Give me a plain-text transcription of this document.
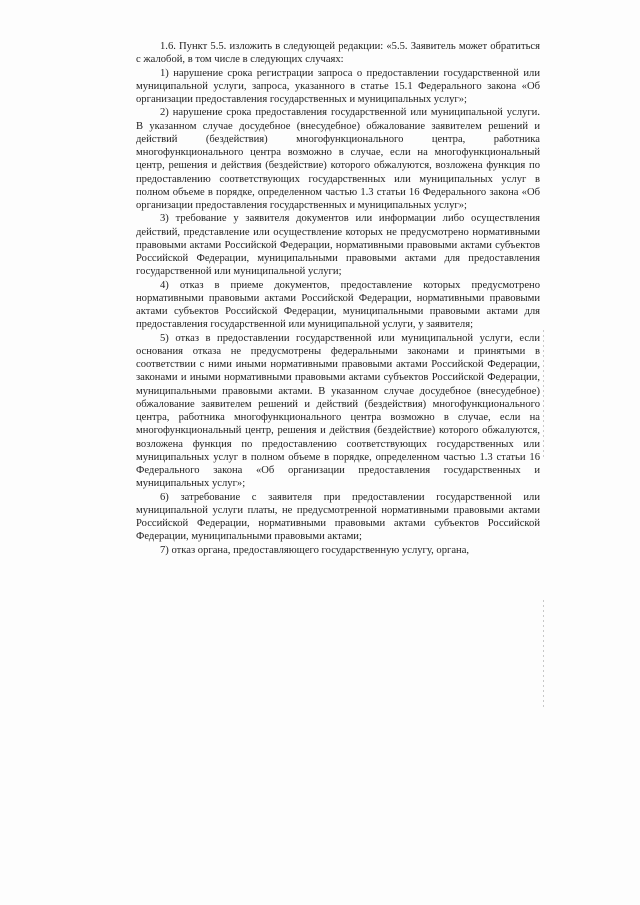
1.6. Пункт 5.5. изложить в следующей редакции: «5.5. Заявитель может обратиться с жалобой, в том числе в следующих случаях:

1) нарушение срока регистрации запроса о предоставлении государственной или муниципальной услуги, запроса, указанного в статье 15.1 Федерального закона «Об организации предоставления государственных и муниципальных услуг»;

2) нарушение срока предоставления государственной или муниципальной услуги. В указанном случае досудебное (внесудебное) обжалование заявителем решений и действий (бездействия) многофункционального центра, работника многофункционального центра возможно в случае, если на многофункциональный центр, решения и действия (бездействие) которого обжалуются, возложена функция по предоставлению соответствующих государственных или муниципальных услуг в полном объеме в порядке, определенном частью 1.3 статьи 16 Федерального закона «Об организации предоставления государственных и муниципальных услуг»;

3) требование у заявителя документов или информации либо осуществления действий, представление или осуществление которых не предусмотрено нормативными правовыми актами Российской Федерации, нормативными правовыми актами субъектов Российской Федерации, муниципальными правовыми актами для предоставления государственной или муниципальной услуги;

4) отказ в приеме документов, предоставление которых предусмотрено нормативными правовыми актами Российской Федерации, нормативными правовыми актами субъектов Российской Федерации, муниципальными правовыми актами для предоставления государственной или муниципальной услуги, у заявителя;

5) отказ в предоставлении государственной или муниципальной услуги, если основания отказа не предусмотрены федеральными законами и принятыми в соответствии с ними иными нормативными правовыми актами Российской Федерации, законами и иными нормативными правовыми актами субъектов Российской Федерации, муниципальными правовыми актами. В указанном случае досудебное (внесудебное) обжалование заявителем решений и действий (бездействия) многофункционального центра, работника многофункционального центра возможно в случае, если на многофункциональный центр, решения и действия (бездействие) которого обжалуются, возложена функция по предоставлению соответствующих государственных или муниципальных услуг в полном объеме в порядке, определенном частью 1.3 статьи 16 Федерального закона «Об организации предоставления государственных и муниципальных услуг»;

6) затребование с заявителя при предоставлении государственной или муниципальной услуги платы, не предусмотренной нормативными правовыми актами Российской Федерации, нормативными правовыми актами субъектов Российской Федерации, муниципальными правовыми актами;

7) отказ органа, предоставляющего государственную услугу, органа,
